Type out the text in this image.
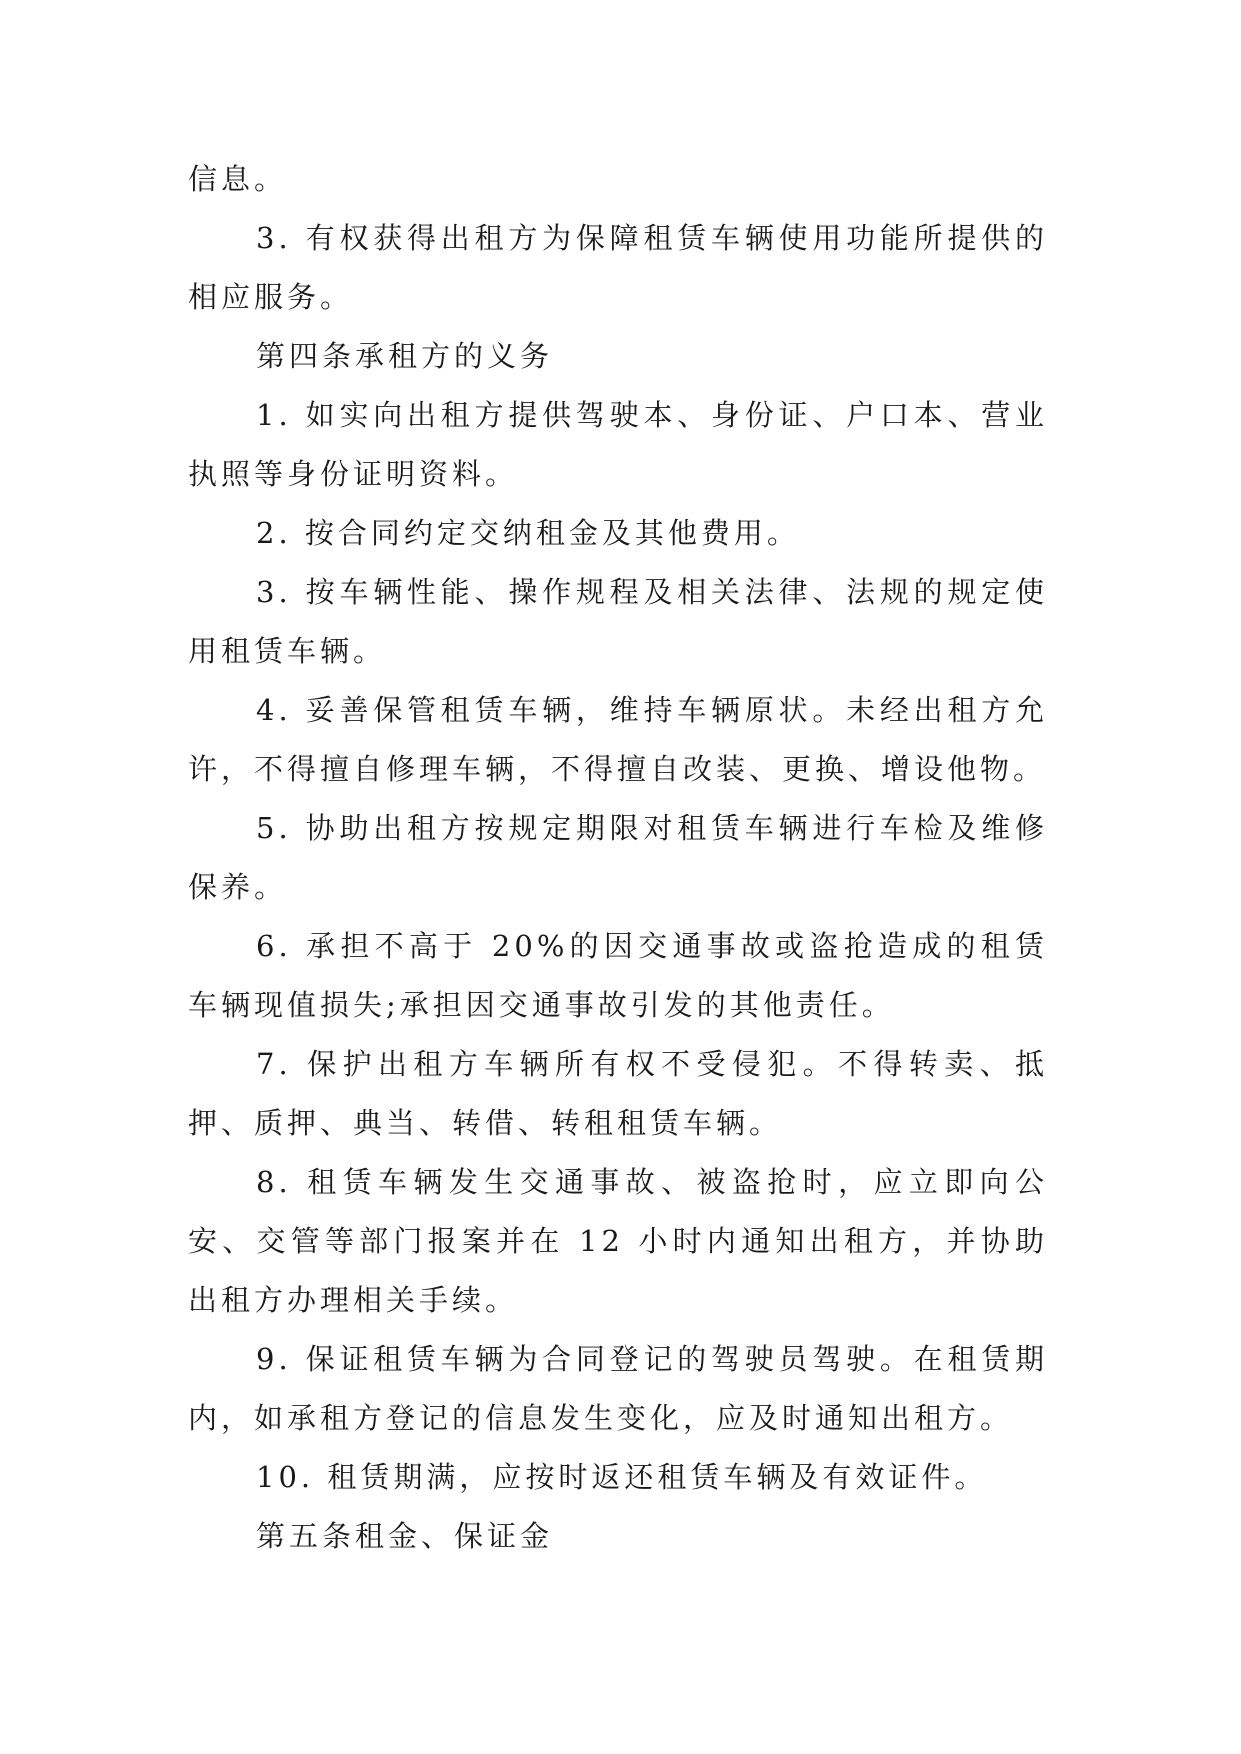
信息。

3. 有权获得出租方为保障租赁车辆使用功能所提供的相应服务。

第四条承租方的义务

1. 如实向出租方提供驾驶本、身份证、户口本、营业执照等身份证明资料。

2. 按合同约定交纳租金及其他费用。

3. 按车辆性能、操作规程及相关法律、法规的规定使用租赁车辆。

4. 妥善保管租赁车辆，维持车辆原状。未经出租方允许，不得擅自修理车辆，不得擅自改装、更换、增设他物。

5. 协助出租方按规定期限对租赁车辆进行车检及维修保养。

6. 承担不高于 20%的因交通事故或盗抢造成的租赁车辆现值损失;承担因交通事故引发的其他责任。

7. 保护出租方车辆所有权不受侵犯。不得转卖、抵押、质押、典当、转借、转租租赁车辆。

8. 租赁车辆发生交通事故、被盗抢时，应立即向公安、交管等部门报案并在 12 小时内通知出租方，并协助出租方办理相关手续。

9. 保证租赁车辆为合同登记的驾驶员驾驶。在租赁期内，如承租方登记的信息发生变化，应及时通知出租方。

10. 租赁期满，应按时返还租赁车辆及有效证件。

第五条租金、保证金
